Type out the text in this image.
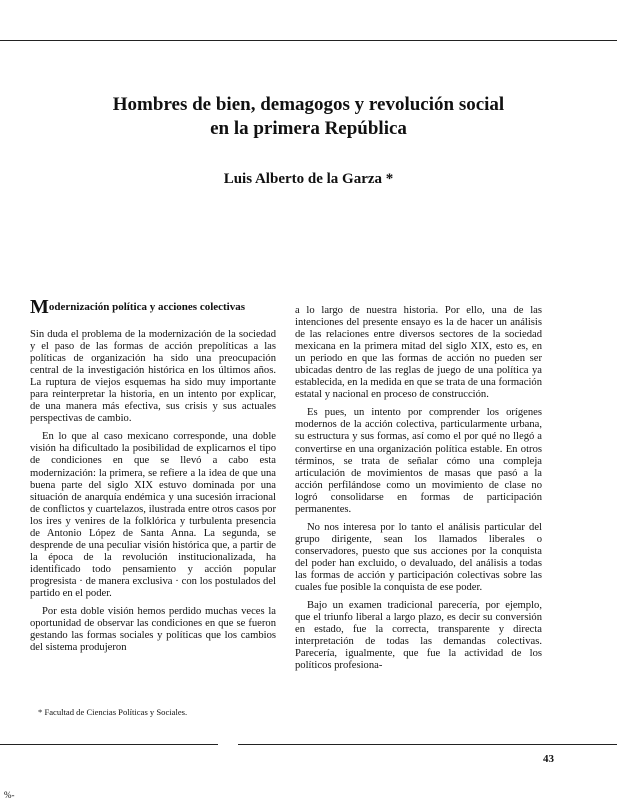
Hombres de bien, demagogos y revolución social
en la primera República
Luis Alberto de la Garza *
Modernización política y acciones colectivas

Sin duda el problema de la modernización de la sociedad y el paso de las formas de acción prepolíticas a las políticas de organización ha sido una preocupación central de la investigación histórica en los últimos años. La ruptura de viejos esquemas ha sido muy importante para reinterpretar la historia, en un intento por explicar, de una manera más efectiva, sus crisis y sus actuales perspectivas de cambio.

En lo que al caso mexicano corresponde, una doble visión ha dificultado la posibilidad de explicarnos el tipo de condiciones en que se llevó a cabo esta modernización: la primera, se refiere a la idea de que una buena parte del siglo XIX estuvo dominada por una situación de anarquía endémica y una sucesión irracional de conflictos y cuartelazos, ilustrada entre otros casos por los ires y venires de la folklórica y turbulenta presencia de Antonio López de Santa Anna. La segunda, se desprende de una peculiar visión histórica que, a partir de la época de la revolución institucionalizada, ha identificado todo pensamiento y acción popular progresista · de manera exclusiva · con los postulados del partido en el poder.

Por esta doble visión hemos perdido muchas veces la oportunidad de observar las condiciones en que se fueron gestando las formas sociales y políticas que los cambios del sistema produjeron

a lo largo de nuestra historia. Por ello, una de las intenciones del presente ensayo es la de hacer un análisis de las relaciones entre diversos sectores de la sociedad mexicana en la primera mitad del siglo XIX, esto es, en un periodo en que las formas de acción no pueden ser ubicadas dentro de las reglas de juego de una política ya establecida, en la medida en que se trata de una formación estatal y nacional en proceso de construcción.

Es pues, un intento por comprender los orígenes modernos de la acción colectiva, particularmente urbana, su estructura y sus formas, así como el por qué no llegó a convertirse en una organización política estable. En otros términos, se trata de señalar cómo una compleja articulación de movimientos de masas que pasó a la acción perfilándose como un movimiento de clase no logró consolidarse en formas de participación permanentes.

No nos interesa por lo tanto el análisis particular del grupo dirigente, sean los llamados liberales o conservadores, puesto que sus acciones por la conquista del poder han excluido, o devaluado, del análisis a todas las formas de acción y participación colectivas sobre las cuales fue posible la conquista de ese poder.

Bajo un examen tradicional parecería, por ejemplo, que el triunfo liberal a largo plazo, es decir su conversión en estado, fue la correcta, transparente y directa interpretación de todas las demandas colectivas. Parecería, igualmente, que fue la actividad de los políticos profesiona-

* Facultad de Ciencias Políticas y Sociales.
43
%-
